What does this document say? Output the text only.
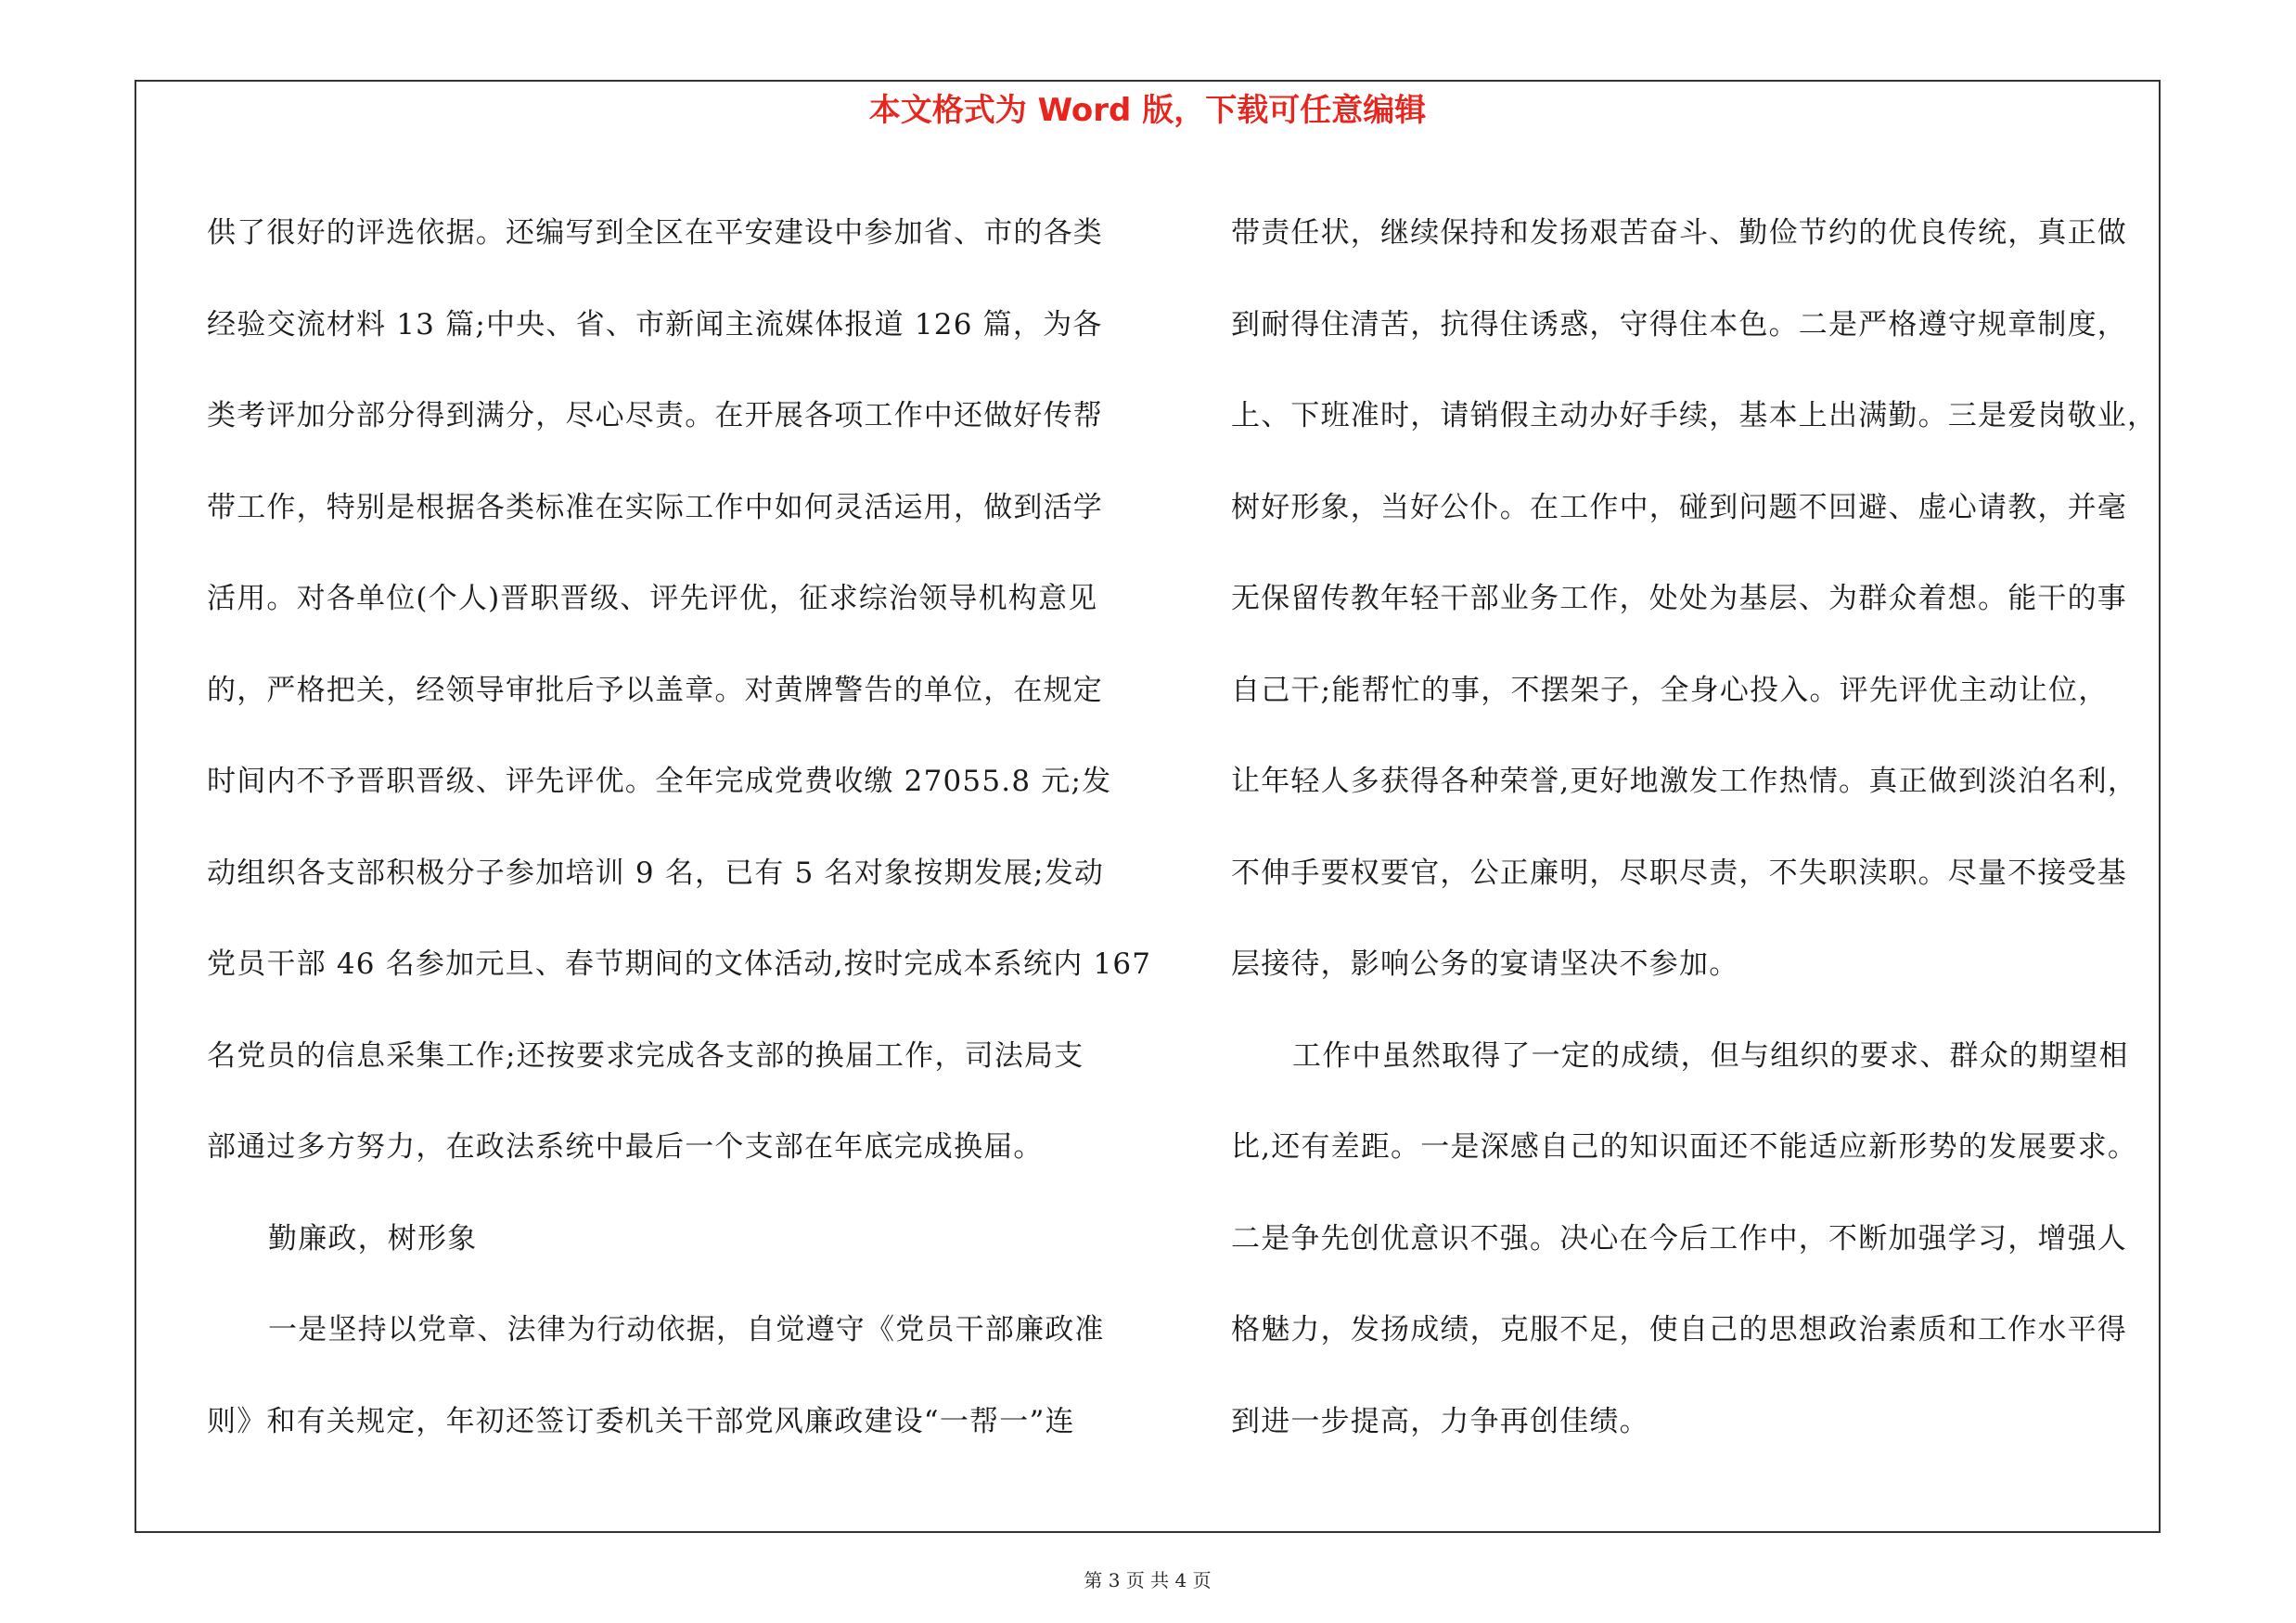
本文格式为 Word 版，下载可任意编辑
供了很好的评选依据。还编写到全区在平安建设中参加省、市的各类
经验交流材料 13 篇;中央、省、市新闻主流媒体报道 126 篇，为各
类考评加分部分得到满分，尽心尽责。在开展各项工作中还做好传帮
带工作，特别是根据各类标准在实际工作中如何灵活运用，做到活学
活用。对各单位(个人)晋职晋级、评先评优，征求综治领导机构意见
的，严格把关，经领导审批后予以盖章。对黄牌警告的单位，在规定
时间内不予晋职晋级、评先评优。全年完成党费收缴 27055.8 元;发
动组织各支部积极分子参加培训 9 名，已有 5 名对象按期发展;发动
党员干部 46 名参加元旦、春节期间的文体活动,按时完成本系统内 167
名党员的信息采集工作;还按要求完成各支部的换届工作，司法局支
部通过多方努力，在政法系统中最后一个支部在年底完成换届。
勤廉政，树形象
一是坚持以党章、法律为行动依据，自觉遵守《党员干部廉政准
则》和有关规定，年初还签订委机关干部党风廉政建设“一帮一”连
带责任状，继续保持和发扬艰苦奋斗、勤俭节约的优良传统，真正做
到耐得住清苦，抗得住诱惑，守得住本色。二是严格遵守规章制度，
上、下班准时，请销假主动办好手续，基本上出满勤。三是爱岗敬业，
树好形象，当好公仆。在工作中，碰到问题不回避、虚心请教，并毫
无保留传教年轻干部业务工作，处处为基层、为群众着想。能干的事
自己干;能帮忙的事，不摆架子，全身心投入。评先评优主动让位，
让年轻人多获得各种荣誉,更好地激发工作热情。真正做到淡泊名利，
不伸手要权要官，公正廉明，尽职尽责，不失职渎职。尽量不接受基
层接待，影响公务的宴请坚决不参加。
工作中虽然取得了一定的成绩，但与组织的要求、群众的期望相
比,还有差距。一是深感自己的知识面还不能适应新形势的发展要求。
二是争先创优意识不强。决心在今后工作中，不断加强学习，增强人
格魅力，发扬成绩，克服不足，使自己的思想政治素质和工作水平得
到进一步提高，力争再创佳绩。
第 3 页 共 4 页
